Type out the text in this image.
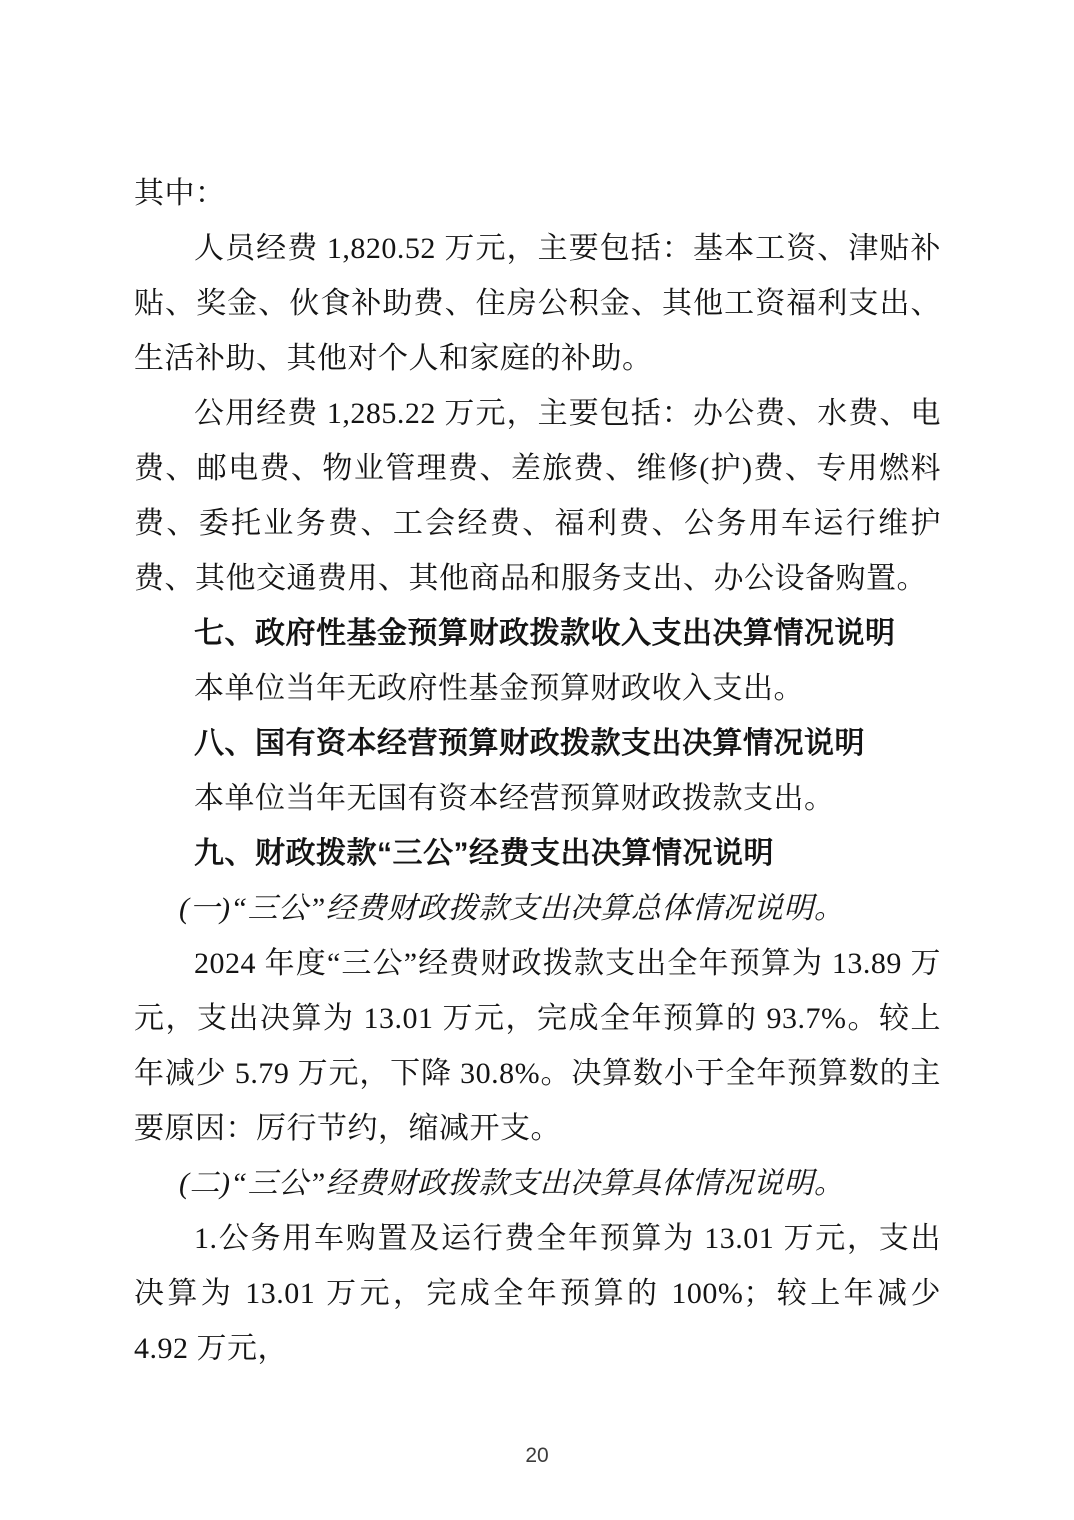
其中：

人员经费 1,820.52 万元，主要包括：基本工资、津贴补贴、奖金、伙食补助费、住房公积金、其他工资福利支出、生活补助、其他对个人和家庭的补助。

公用经费 1,285.22 万元，主要包括：办公费、水费、电费、邮电费、物业管理费、差旅费、维修(护)费、专用燃料费、委托业务费、工会经费、福利费、公务用车运行维护费、其他交通费用、其他商品和服务支出、办公设备购置。

七、政府性基金预算财政拨款收入支出决算情况说明

本单位当年无政府性基金预算财政收入支出。

八、国有资本经营预算财政拨款支出决算情况说明

本单位当年无国有资本经营预算财政拨款支出。

九、财政拨款“三公”经费支出决算情况说明

(一)“三公”经费财政拨款支出决算总体情况说明。

2024 年度“三公”经费财政拨款支出全年预算为 13.89 万元，支出决算为 13.01 万元，完成全年预算的 93.7%。较上年减少 5.79 万元，下降 30.8%。决算数小于全年预算数的主要原因：厉行节约，缩减开支。

(二)“三公”经费财政拨款支出决算具体情况说明。

1.公务用车购置及运行费全年预算为 13.01 万元，支出决算为 13.01 万元，完成全年预算的 100%；较上年减少 4.92 万元，

20
